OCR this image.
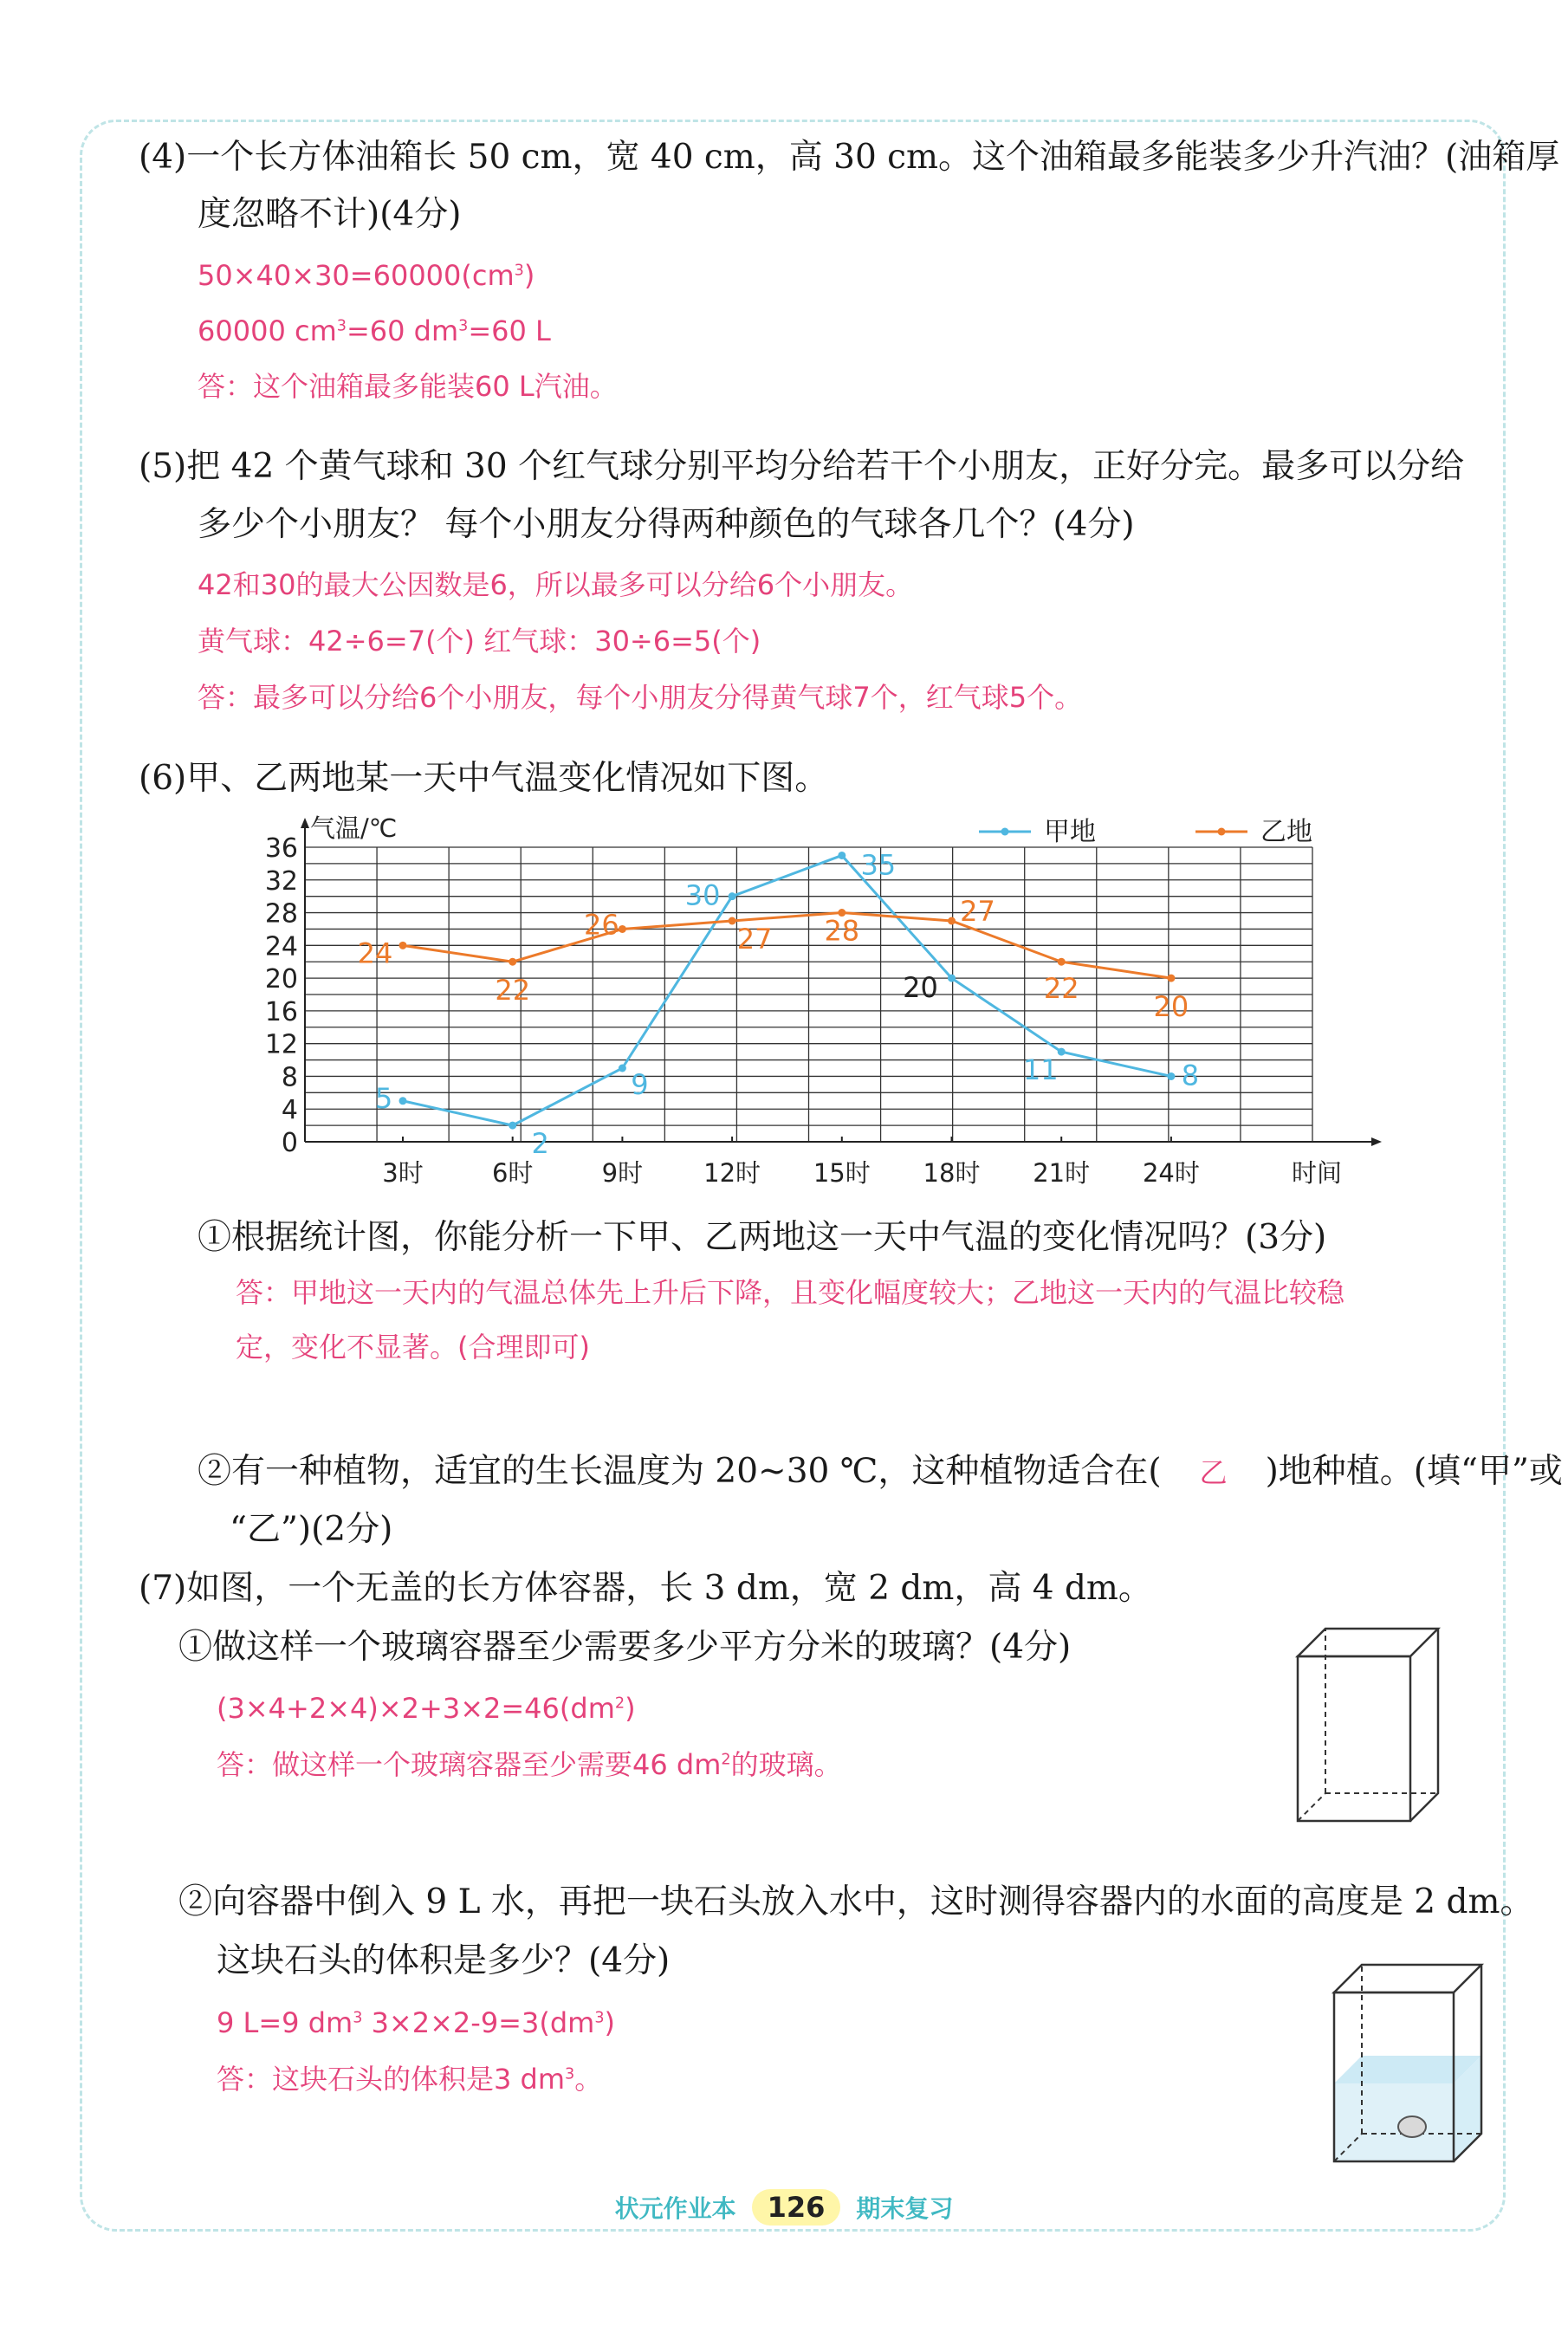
(4)一个长方体油箱长 50 cm，宽 40 cm，高 30 cm。这个油箱最多能装多少升汽油？(油箱厚
度忽略不计)(4分)
$50\times 40\times 30=60000(cm^3)$
60000 $cm^3=60$ $dm^3=60$ L
答：这个油箱最多能装60 L汽油。
(5)把 42 个黄气球和 30 个红气球分别平均分给若干个小朋友，正好分完。最多可以分给
多少个小朋友？ 每个小朋友分得两种颜色的气球各几个？(4分)
42和30的最大公因数是6，所以最多可以分给6个小朋友。
黄气球：42÷6=7(个) 红气球：30÷6=5(个)
答：最多可以分给6个小朋友，每个小朋友分得黄气球7个，红气球5个。
(6)甲、乙两地某一天中气温变化情况如下图。
0
4
8
12
16
20
24
28
32
36
气温/℃
3时	6时	9时 12时 15时 18时 21时 24时	时间
5
2
9
30
35
20
11	8
24
22
26	27 28
27
22
20
甲地	乙地
①根据统计图，你能分析一下甲、乙两地这一天中气温的变化情况吗？(3分)
答：甲地这一天内的气温总体先上升后下降，且变化幅度较大；乙地这一天内的气温比较稳
定，变化不显著。(合理即可)
②有一种植物，适宜的生长温度为 20~30 ℃，这种植物适合在( 乙 )地种植。(填“甲”或
“乙”)(2分)
(7)如图，一个无盖的长方体容器，长 3 dm，宽 2 dm，高 4 dm。
①做这样一个玻璃容器至少需要多少平方分米的玻璃？(4分)
$(3\times 4+2\times 4)\times 2+3\times 2=46(dm^2)$
答：做这样一个玻璃容器至少需要46 $dm^2$的玻璃。
②向容器中倒入 9 L 水，再把一块石头放入水中，这时测得容器内的水面的高度是 2 dm。
这块石头的体积是多少？(4分)
9 L=9 $dm^3$ $3\times 2\times 2-9=3(dm^3)$
答：这块石头的体积是3 $dm^3$。
状元作业本 126 期末复习
